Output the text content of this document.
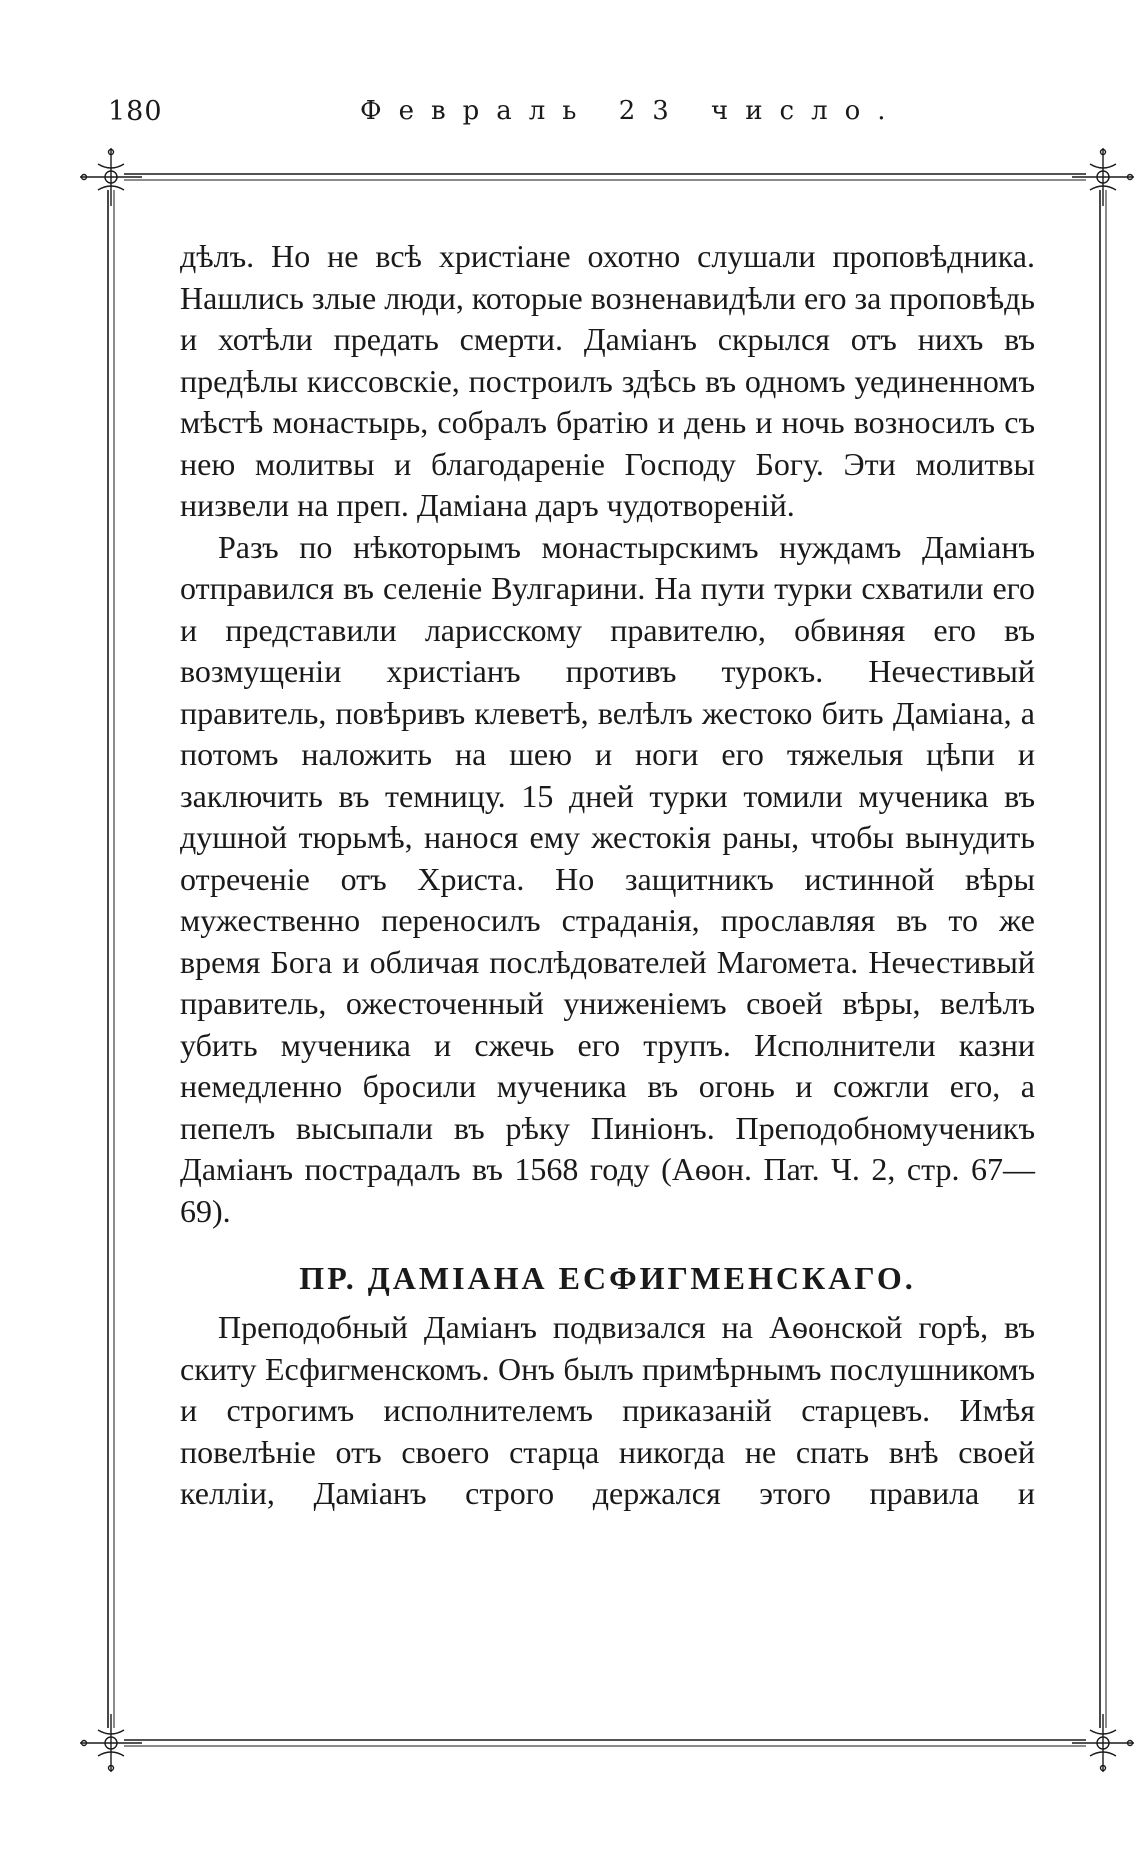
180	Февраль 23 число.

дѣлъ. Но не всѣ христіане охотно слушали проповѣдника. Нашлись злые люди, которые возненавидѣли его за проповѣдь и хотѣли предать смерти. Даміанъ скрылся отъ нихъ въ предѣлы киссовскіе, построилъ здѣсь въ одномъ уединенномъ мѣстѣ монастырь, собралъ братію и день и ночь возносилъ съ нею молитвы и благодареніе Господу Богу. Эти молитвы низвели на преп. Даміана даръ чудотвореній.

Разъ по нѣкоторымъ монастырскимъ нуждамъ Даміанъ отправился въ селеніе Вулгарини. На пути турки схватили его и представили ларисскому правителю, обвиняя его въ возмущеніи христіанъ противъ турокъ. Нечестивый правитель, повѣривъ клеветѣ, велѣлъ жестоко бить Даміана, а потомъ наложить на шею и ноги его тяжелыя цѣпи и заключить въ темницу. 15 дней турки томили мученика въ душной тюрьмѣ, нанося ему жестокія раны, чтобы вынудить отреченіе отъ Христа. Но защитникъ истинной вѣры мужественно переносилъ страданія, прославляя въ то же время Бога и обличая послѣдователей Магомета. Нечестивый правитель, ожесточенный униженіемъ своей вѣры, велѣлъ убить мученика и сжечь его трупъ. Исполнители казни немедленно бросили мученика въ огонь и сожгли его, а пепелъ высыпали въ рѣку Пиніонъ. Преподобномученикъ Даміанъ пострадалъ въ 1568 году (Аѳон. Пат. Ч. 2, стр. 67—69).

ПР. ДАМІАНА ЕСФИГМЕНСКАГО.

Преподобный Даміанъ подвизался на Аѳонской горѣ, въ скиту Есфигменскомъ. Онъ былъ примѣрнымъ послушникомъ и строгимъ исполнителемъ приказаній старцевъ. Имѣя повелѣніе отъ своего старца никогда не спать внѣ своей келліи, Даміанъ строго держался этого правила и
